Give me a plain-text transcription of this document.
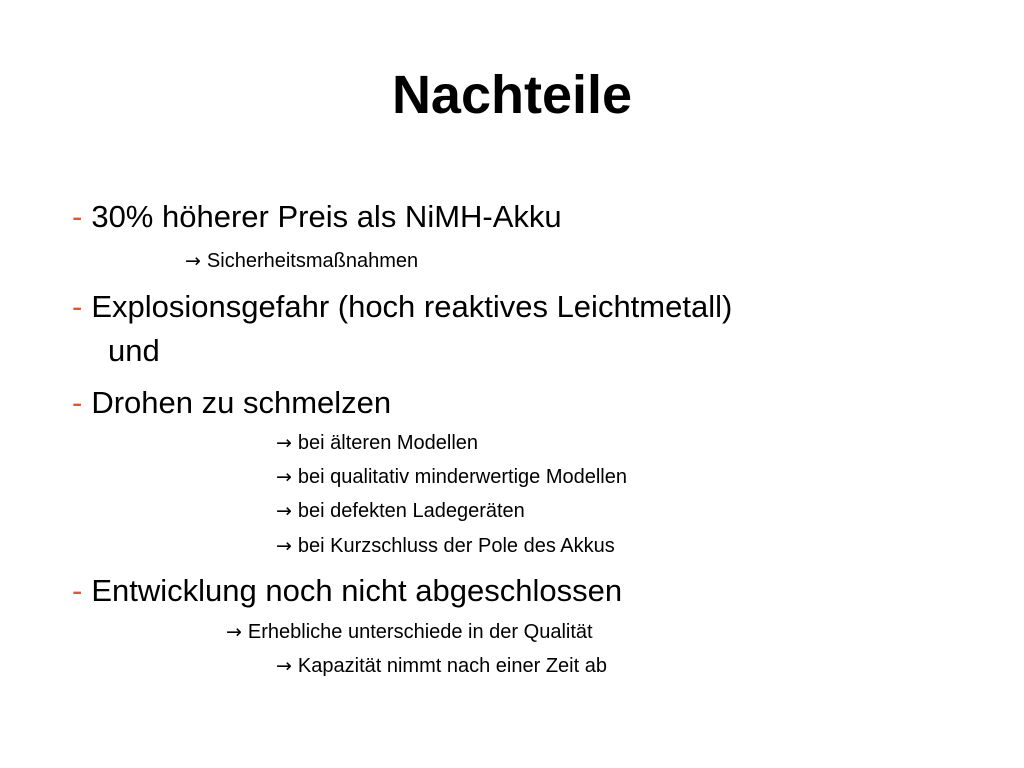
Nachteile
- 30% höherer Preis als NiMH-Akku
→ Sicherheitsmaßnahmen
- Explosionsgefahr (hoch reaktives Leichtmetall)
und
- Drohen zu schmelzen
→ bei älteren Modellen
→ bei qualitativ minderwertige Modellen
→ bei defekten Ladegeräten
→ bei Kurzschluss der Pole des Akkus
- Entwicklung noch nicht abgeschlossen
→ Erhebliche unterschiede in der Qualität
→ Kapazität nimmt nach einer Zeit ab
